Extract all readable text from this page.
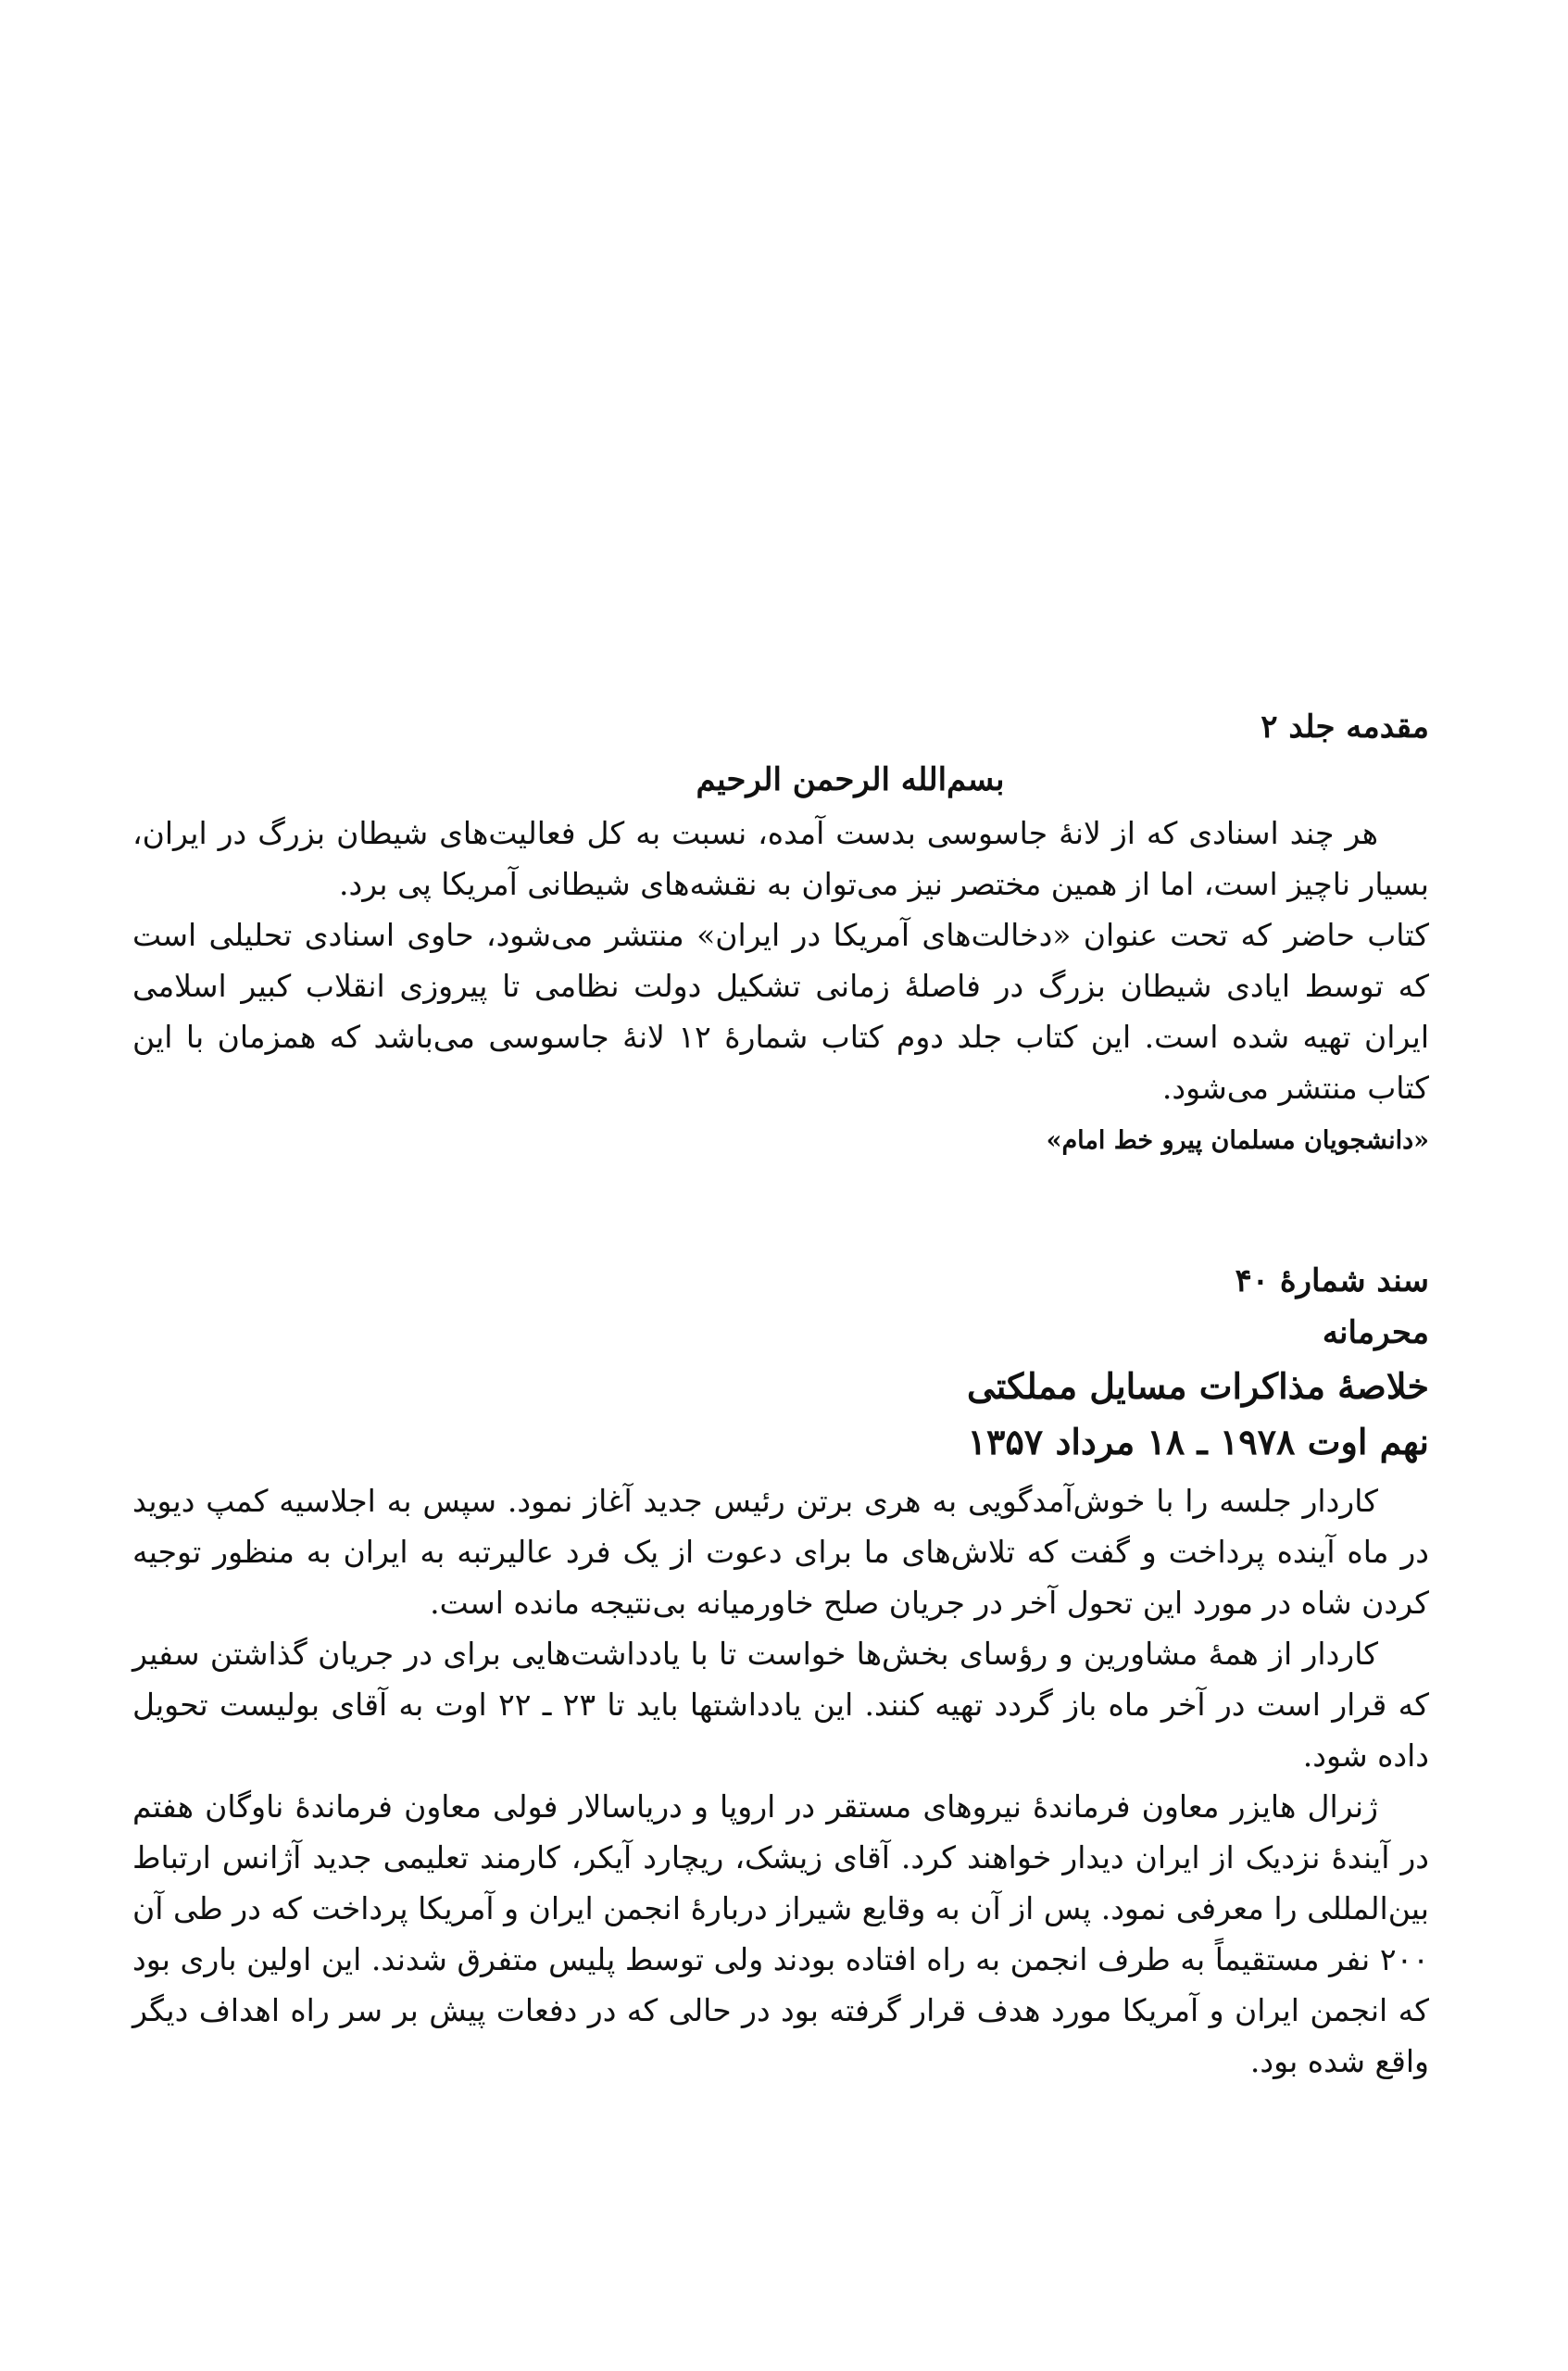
مقدمه جلد ۲
بسم‌الله الرحمن الرحیم

هر چند اسنادی که از لانهٔ جاسوسی بدست آمده، نسبت به کل فعالیت‌های شیطان بزرگ در ایران، بسیار ناچیز است، اما از همین مختصر نیز می‌توان به نقشه‌های شیطانی آمریکا پی برد.

کتاب حاضر که تحت عنوان «دخالت‌های آمریکا در ایران» منتشر می‌شود، حاوی اسنادی تحلیلی است که توسط ایادی شیطان بزرگ در فاصلهٔ زمانی تشکیل دولت نظامی تا پیروزی انقلاب کبیر اسلامی ایران تهیه شده است. این کتاب جلد دوم کتاب شمارهٔ ۱۲ لانهٔ جاسوسی می‌باشد که همزمان با این کتاب منتشر می‌شود.

«دانشجویان مسلمان پیرو خط امام»
سند شمارهٔ ۴۰
محرمانه
خلاصهٔ مذاکرات مسایل مملکتی
نهم اوت ۱۹۷۸ ـ ۱۸ مرداد ۱۳۵۷

کاردار جلسه را با خوش‌آمدگویی به هری برتن رئیس جدید آغاز نمود. سپس به اجلاسیه کمپ دیوید در ماه آینده پرداخت و گفت که تلاش‌های ما برای دعوت از یک فرد عالیرتبه به ایران به منظور توجیه کردن شاه در مورد این تحول آخر در جریان صلح خاورمیانه بی‌نتیجه مانده است.

کاردار از همهٔ مشاورین و رؤسای بخش‌ها خواست تا با یادداشت‌هایی برای در جریان گذاشتن سفیر که قرار است در آخر ماه باز گردد تهیه کنند. این یادداشتها باید تا ۲۳ ـ ۲۲ اوت به آقای بولیست تحویل داده شود.

ژنرال هایزر معاون فرماندهٔ نیروهای مستقر در اروپا و دریاسالار فولی معاون فرماندهٔ ناوگان هفتم در آیندهٔ نزدیک از ایران دیدار خواهند کرد. آقای زیشک، ریچارد آیکر، کارمند تعلیمی جدید آژانس ارتباط بین‌المللی را معرفی نمود. پس از آن به وقایع شیراز دربارهٔ انجمن ایران و آمریکا پرداخت که در طی آن ۲۰۰ نفر مستقیماً به طرف انجمن به راه افتاده بودند ولی توسط پلیس متفرق شدند. این اولین باری بود که انجمن ایران و آمریکا مورد هدف قرار گرفته بود در حالی که در دفعات پیش بر سر راه اهداف دیگر واقع شده بود.
